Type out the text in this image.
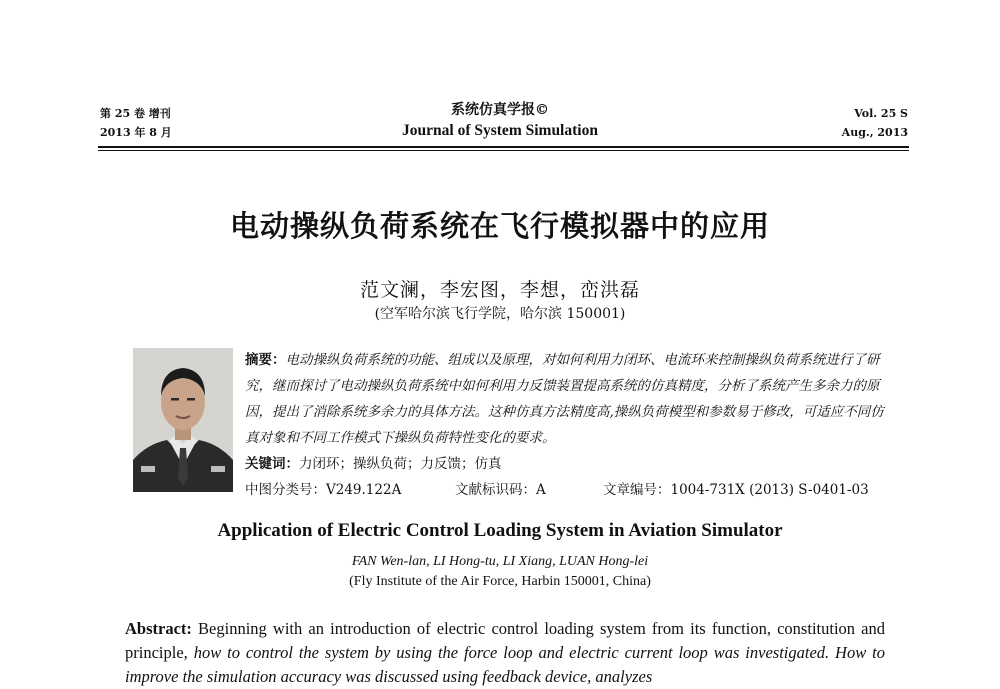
第 25 卷 增刊
2013 年 8 月
系统仿真学报©
Journal of System Simulation
Vol. 25 S
Aug., 2013
电动操纵负荷系统在飞行模拟器中的应用
范文澜，李宏图，李想，峦洪磊
(空军哈尔滨飞行学院，哈尔滨 150001)
摘要：电动操纵负荷系统的功能、组成以及原理，对如何利用力闭环、电流环来控制操纵负荷系统进行了研究，继而探讨了电动操纵负荷系统中如何利用力反馈装置提高系统的仿真精度，分析了系统产生多余力的原因，提出了消除系统多余力的具体方法。这种仿真方法精度高,操纵负荷模型和参数易于修改，可适应不同仿真对象和不同工作模式下操纵负荷特性变化的要求。
关键词：力闭环；操纵负荷；力反馈；仿真
中图分类号：V249.122A	文献标识码：A	文章编号：1004-731X (2013) S-0401-03
Application of Electric Control Loading System in Aviation Simulator
FAN Wen-lan, LI Hong-tu, LI Xiang, LUAN Hong-lei
(Fly Institute of the Air Force, Harbin 150001, China)
Abstract: Beginning with an introduction of electric control loading system from its function, constitution and principle, how to control the system by using the force loop and electric current loop was investigated. How to improve the simulation accuracy was discussed using feedback device, analyzes
